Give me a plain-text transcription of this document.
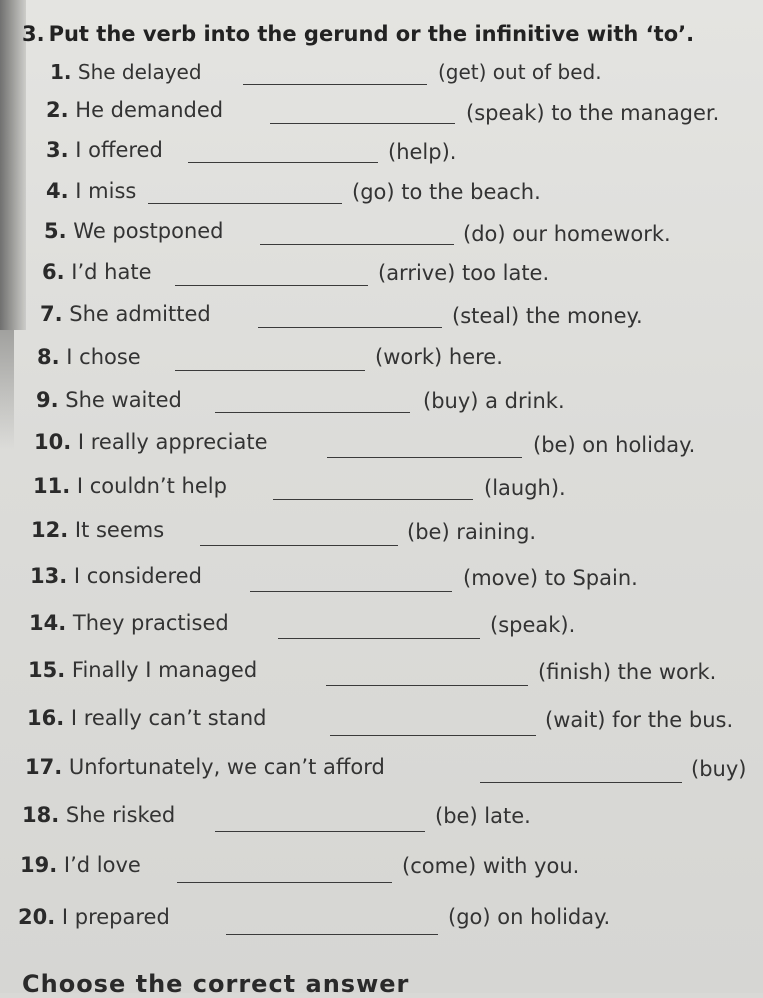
3. Put the verb into the gerund or the infinitive with ‘to’.
1. She delayed	(get) out of bed.
2. He demanded	(speak) to the manager.
3. I offered	(help).
4. I miss	(go) to the beach.
5. We postponed	(do) our homework.
6. I’d hate	(arrive) too late.
7. She admitted	(steal) the money.
8. I chose	(work) here.
9. She waited	(buy) a drink.
10. I really appreciate	(be) on holiday.
11. I couldn’t help	(laugh).
12. It seems	(be) raining.
13. I considered	(move) to Spain.
14. They practised	(speak).
15. Finally I managed	(finish) the work.
16. I really can’t stand	(wait) for the bus.
17. Unfortunately, we can’t afford	(buy)
18. She risked	(be) late.
19. I’d love	(come) with you.
20. I prepared	(go) on holiday.
Choose the correct answer
